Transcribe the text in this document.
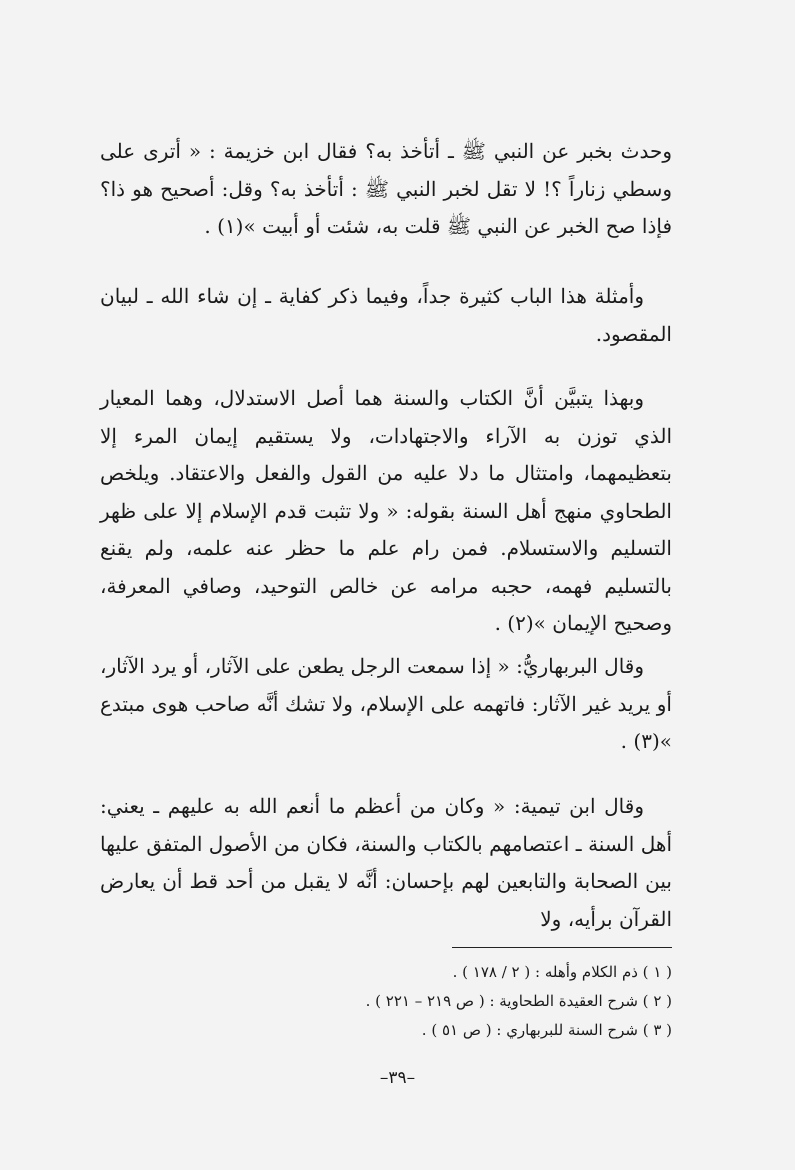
وحدث بخبر عن النبي ﷺ ـ أتأخذ به؟ فقال ابن خزيمة : « أترى على وسطي زناراً ؟! لا تقل لخبر النبي ﷺ : أتأخذ به؟ وقل: أصحيح هو ذا؟ فإذا صح الخبر عن النبي ﷺ قلت به، شئت أو أبيت »(١) .

وأمثلة هذا الباب كثيرة جداً، وفيما ذكر كفاية ـ إن شاء الله ـ لبيان المقصود.

وبهذا يتبيَّن أنَّ الكتاب والسنة هما أصل الاستدلال، وهما المعيار الذي توزن به الآراء والاجتهادات، ولا يستقيم إيمان المرء إلا بتعظيمهما، وامتثال ما دلا عليه من القول والفعل والاعتقاد. ويلخص الطحاوي منهج أهل السنة بقوله: « ولا تثبت قدم الإسلام إلا على ظهر التسليم والاستسلام. فمن رام علم ما حظر عنه علمه، ولم يقنع بالتسليم فهمه، حجبه مرامه عن خالص التوحيد، وصافي المعرفة، وصحيح الإيمان »(٢) .

وقال البربهاريُّ: « إذا سمعت الرجل يطعن على الآثار، أو يرد الآثار، أو يريد غير الآثار: فاتهمه على الإسلام، ولا تشك أنَّه صاحب هوى مبتدع »(٣) .

وقال ابن تيمية: « وكان من أعظم ما أنعم الله به عليهم ـ يعني: أهل السنة ـ اعتصامهم بالكتاب والسنة، فكان من الأصول المتفق عليها بين الصحابة والتابعين لهم بإحسان: أنَّه لا يقبل من أحد قط أن يعارض القرآن برأيه، ولا

( ١ ) ذم الكلام وأهله : ( ٢ / ١٧٨ ) .

( ٢ ) شرح العقيدة الطحاوية : ( ص ٢١٩ – ٢٢١ ) .

( ٣ ) شرح السنة للبربهاري : ( ص ٥١ ) .

–٣٩–
